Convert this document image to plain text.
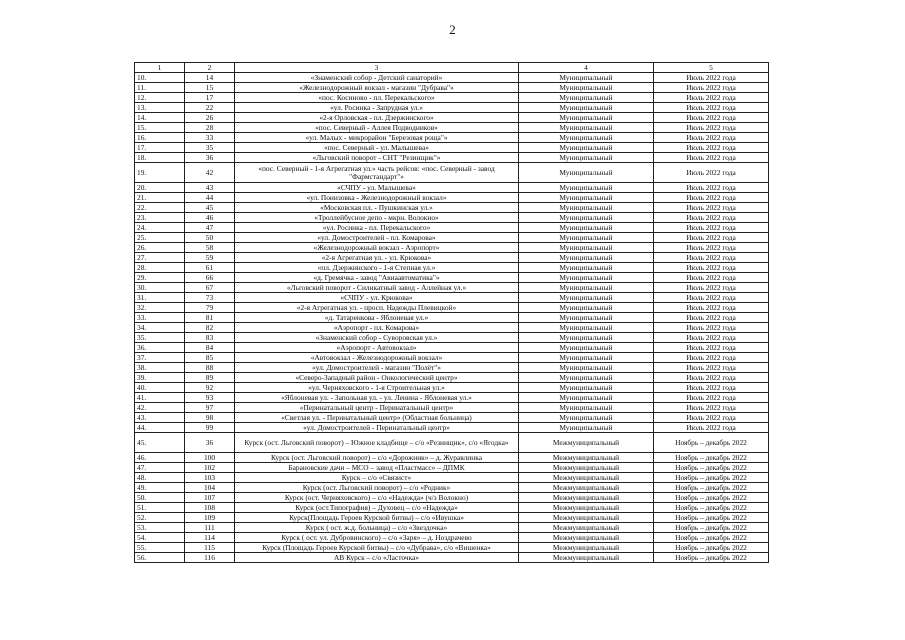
2
1	2	3	4	5
10.	14	«Знаменский собор - Детский санаторий»	Муниципальный	Июль 2022 года
11.	15	«Железнодорожный вокзал - магазин "Дубрава"»	Муниципальный	Июль 2022 года
12.	17	«пос. Косиново - пл. Перекальского»	Муниципальный	Июль 2022 года
13.	22	«ул. Росинка - Запрудная ул.»	Муниципальный	Июль 2022 года
14.	26	«2-я Орловская - пл. Дзержинского»	Муниципальный	Июль 2022 года
15.	28	«пос. Северный - Аллея Подводников»	Муниципальный	Июль 2022 года
16.	33	«ул. Малых - микрорайон "Березовая роща"»	Муниципальный	Июль 2022 года
17.	35	«пос. Северный - ул. Малышева»	Муниципальный	Июль 2022 года
18.	36	«Льговский поворот - СНТ "Резинщик"»	Муниципальный	Июль 2022 года
19.	42	«пос. Северный - 1-я Агрегатная ул.» часть рейсов: «пос. Северный - завод "Фармстандарт"»	Муниципальный	Июль 2022 года
20.	43	«СЧПУ - ул. Малышева»	Муниципальный	Июль 2022 года
21.	44	«ул. Понизовка - Железнодорожный вокзал»	Муниципальный	Июль 2022 года
22.	45	«Московская пл. - Пушкинская ул.»	Муниципальный	Июль 2022 года
23.	46	«Троллейбусное депо - мкрн. Волокно»	Муниципальный	Июль 2022 года
24.	47	«ул. Росинка - пл. Перекальского»	Муниципальный	Июль 2022 года
25.	50	«ул. Домостроителей - пл. Комарова»	Муниципальный	Июль 2022 года
26.	58	«Железнодорожный вокзал - Аэропорт»	Муниципальный	Июль 2022 года
27.	59	«2-я Агрегатная ул. - ул. Крюкова»	Муниципальный	Июль 2022 года
28.	61	«пл. Дзержинского - 1-я Степная ул.»	Муниципальный	Июль 2022 года
29.	66	«д. Гремячка - завод "Авиаавтоматика"»	Муниципальный	Июль 2022 года
30.	67	«Льговский поворот - Силикатный завод - Аллейная ул.»	Муниципальный	Июль 2022 года
31.	73	«СЧПУ - ул. Крюкова»	Муниципальный	Июль 2022 года
32.	79	«2-я Агрегатная ул. - просп. Надежды Плевицкой»	Муниципальный	Июль 2022 года
33.	81	«д. Татаренкова - Яблоневая ул.»	Муниципальный	Июль 2022 года
34.	82	«Аэропорт - пл. Комарова»	Муниципальный	Июль 2022 года
35.	83	«Знаменский собор - Суворовская ул.»	Муниципальный	Июль 2022 года
36.	84	«Аэропорт - Автовокзал»	Муниципальный	Июль 2022 года
37.	85	«Автовокзал - Железнодорожный вокзал»	Муниципальный	Июль 2022 года
38.	88	«ул. Домостроителей - магазин "Полёт"»	Муниципальный	Июль 2022 года
39.	89	«Северо-Западный район - Онкологический центр»	Муниципальный	Июль 2022 года
40.	92	«ул. Черняховского - 1-я Строительная ул.»	Муниципальный	Июль 2022 года
41.	93	«Яблоневая ул. - Запольная ул. - ул. Ленина - Яблоневая ул.»	Муниципальный	Июль 2022 года
42.	97	«Перинатальный центр - Перинатальный центр»	Муниципальный	Июль 2022 года
43.	98	«Светлая ул. - Перинатальный центр» (Областная больница)	Муниципальный	Июль 2022 года
44.	99	«ул. Домостроителей - Перинатальный центр»	Муниципальный	Июль 2022 года
45.	36	Курск (ост. Льговский поворот) – Южное кладбище – с/о «Резинщик», с/о «Ягодка»	Межмуниципальный	Ноябрь – декабрь 2022
46.	100	Курск (ост. Льговский поворот) – с/о «Дорожник» – д. Журавлинка	Межмуниципальный	Ноябрь – декабрь 2022
47.	102	Барановские дачи – МСО – завод «Пластмасс» – ДПМК	Межмуниципальный	Ноябрь – декабрь 2022
48.	103	Курск – с/о «Связист»	Межмуниципальный	Ноябрь – декабрь 2022
49.	104	Курск (ост. Льговский поворот) – с/о «Родник»	Межмуниципальный	Ноябрь – декабрь 2022
50.	107	Курск (ост. Черняховского) – с/о «Надежда» (ч/з Волокно)	Межмуниципальный	Ноябрь – декабрь 2022
51.	108	Курск (ост.Типография) – Духовец – с/о «Надежда»	Межмуниципальный	Ноябрь – декабрь 2022
52.	109	Курск(Площадь Героев Курской битвы) – с/о «Ивушка»	Межмуниципальный	Ноябрь – декабрь 2022
53.	111	Курск ( ост. ж.д. больница) – с/о «Звездочка»	Межмуниципальный	Ноябрь – декабрь 2022
54.	114	Курск ( ост. ул. Дубровинского) – с/о «Заря» – д. Ноздрачево	Межмуниципальный	Ноябрь – декабрь 2022
55.	115	Курск (Площадь Героев Курской битвы) – с/о «Дубрава», с/о «Вишенка»	Межмуниципальный	Ноябрь – декабрь 2022
56.	116	АВ Курск – с/о «Ласточка»	Межмуниципальный	Ноябрь – декабрь 2022
